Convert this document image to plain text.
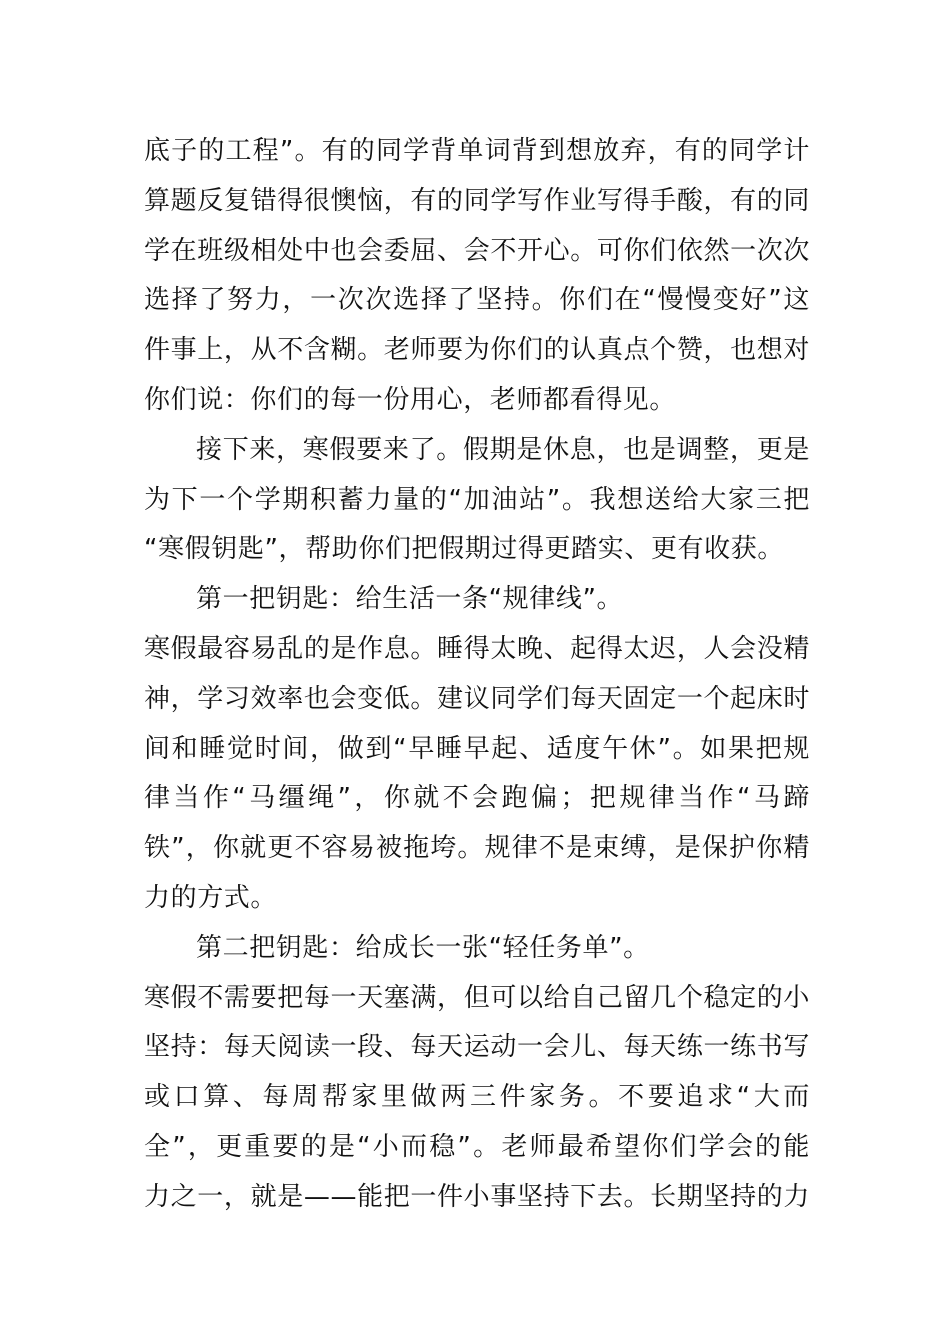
底子的工程”。有的同学背单词背到想放弃，有的同学计

算题反复错得很懊恼，有的同学写作业写得手酸，有的同

学在班级相处中也会委屈、会不开心。可你们依然一次次

选择了努力，一次次选择了坚持。你们在“慢慢变好”这

件事上，从不含糊。老师要为你们的认真点个赞，也想对

你们说：你们的每一份用心，老师都看得见。

接下来，寒假要来了。假期是休息，也是调整，更是

为下一个学期积蓄力量的“加油站”。我想送给大家三把

“寒假钥匙”，帮助你们把假期过得更踏实、更有收获。

第一把钥匙：给生活一条“规律线”。

寒假最容易乱的是作息。睡得太晚、起得太迟，人会没精

神，学习效率也会变低。建议同学们每天固定一个起床时

间和睡觉时间，做到“早睡早起、适度午休”。如果把规

律当作“马缰绳”，你就不会跑偏；把规律当作“马蹄

铁”，你就更不容易被拖垮。规律不是束缚，是保护你精

力的方式。

第二把钥匙：给成长一张“轻任务单”。

寒假不需要把每一天塞满，但可以给自己留几个稳定的小

坚持：每天阅读一段、每天运动一会儿、每天练一练书写

或口算、每周帮家里做两三件家务。不要追求“大而

全”，更重要的是“小而稳”。老师最希望你们学会的能

力之一，就是——能把一件小事坚持下去。长期坚持的力
